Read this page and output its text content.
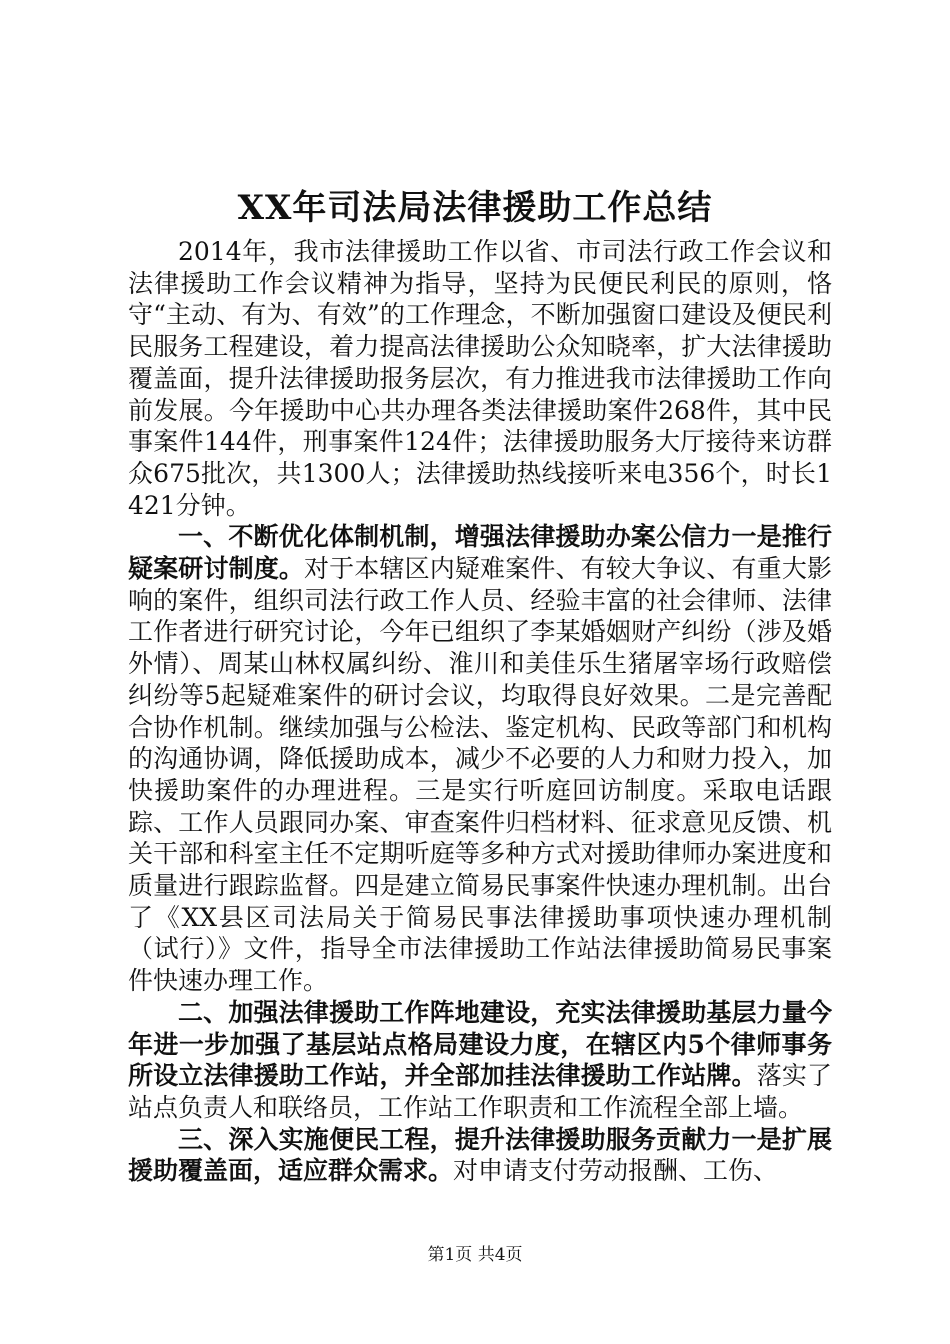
XX年司法局法律援助工作总结

2014年，我市法律援助工作以省、市司法行政工作会议和法律援助工作会议精神为指导，坚持为民便民利民的原则，恪守“主动、有为、有效”的工作理念，不断加强窗口建设及便民利民服务工程建设，着力提高法律援助公众知晓率，扩大法律援助覆盖面，提升法律援助报务层次，有力推进我市法律援助工作向前发展。今年援助中心共办理各类法律援助案件268件，其中民事案件144件，刑事案件124件；法律援助服务大厅接待来访群众675批次，共1300人；法律援助热线接听来电356个，时长1421分钟。

一、不断优化体制机制，增强法律援助办案公信力一是推行疑案研讨制度。对于本辖区内疑难案件、有较大争议、有重大影响的案件，组织司法行政工作人员、经验丰富的社会律师、法律工作者进行研究讨论，今年已组织了李某婚姻财产纠纷（涉及婚外情）、周某山林权属纠纷、淮川和美佳乐生猪屠宰场行政赔偿纠纷等5起疑难案件的研讨会议，均取得良好效果。二是完善配合协作机制。继续加强与公检法、鉴定机构、民政等部门和机构的沟通协调，降低援助成本，减少不必要的人力和财力投入，加快援助案件的办理进程。三是实行听庭回访制度。采取电话跟踪、工作人员跟同办案、审查案件归档材料、征求意见反馈、机关干部和科室主任不定期听庭等多种方式对援助律师办案进度和质量进行跟踪监督。四是建立简易民事案件快速办理机制。出台了《XX县区司法局关于简易民事法律援助事项快速办理机制（试行）》文件，指导全市法律援助工作站法律援助简易民事案件快速办理工作。

二、加强法律援助工作阵地建设，充实法律援助基层力量今年进一步加强了基层站点格局建设力度，在辖区内5个律师事务所设立法律援助工作站，并全部加挂法律援助工作站牌。落实了站点负责人和联络员，工作站工作职责和工作流程全部上墙。

三、深入实施便民工程，提升法律援助服务贡献力一是扩展援助覆盖面，适应群众需求。对申请支付劳动报酬、工伤、

第1页 共4页
